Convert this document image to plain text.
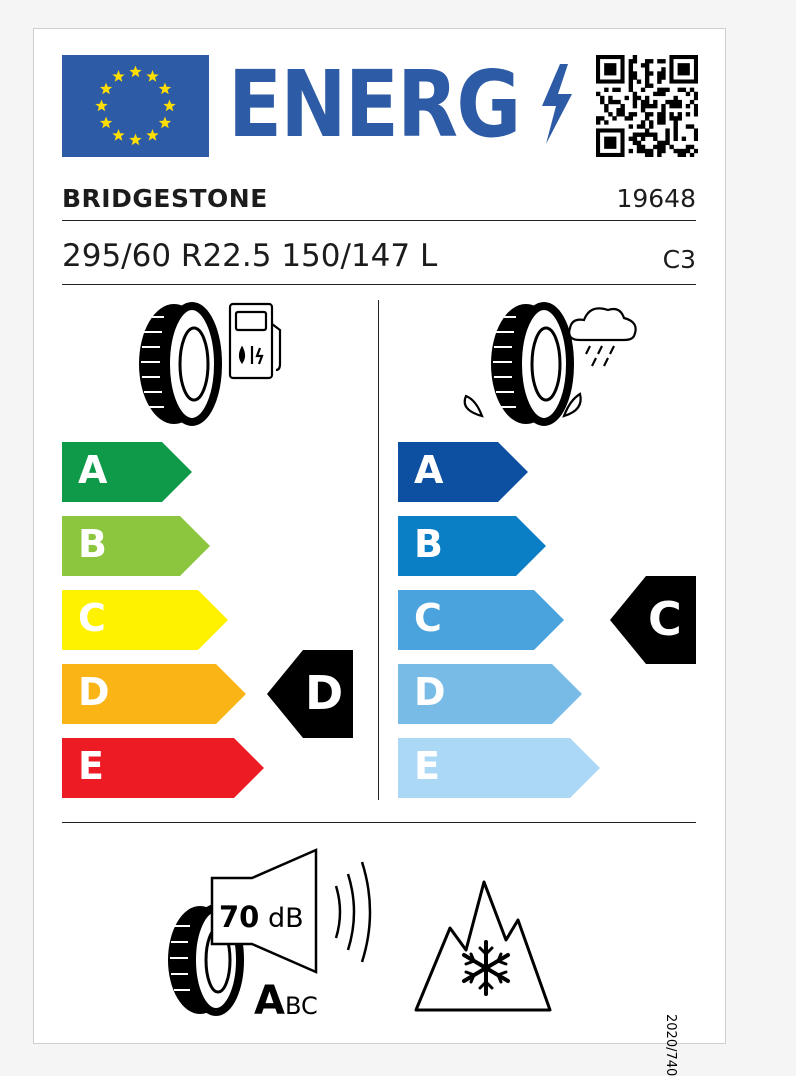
ENERG
BRIDGESTONE	19648
295/60 R22.5 150/147 L	C3
A
B
C
D
E
D
A
B
C
D
E
C
70 dB
ABC
2020/740
